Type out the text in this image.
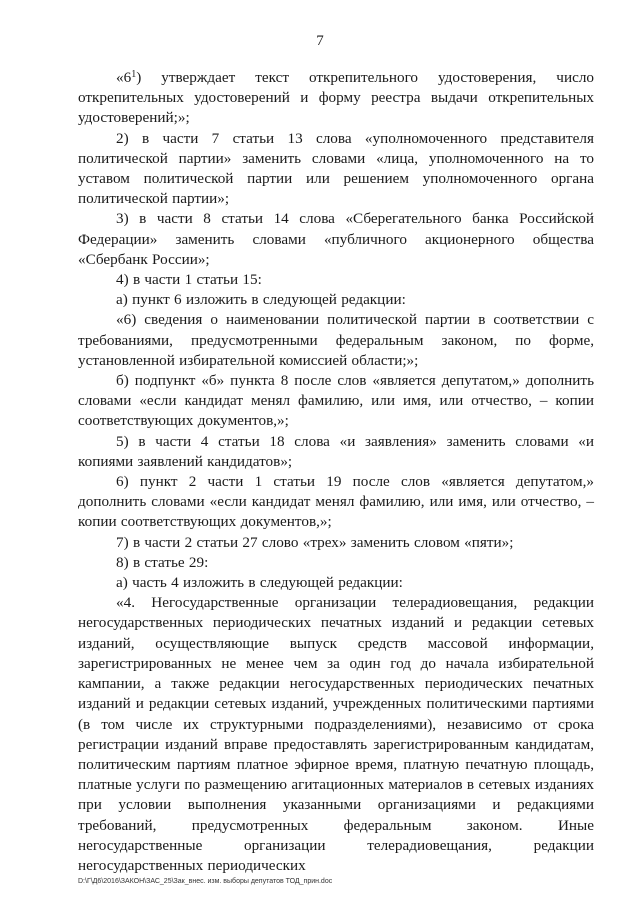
7

«$6^1$) утверждает текст открепительного удостоверения, число открепительных удостоверений и форму реестра выдачи открепительных удостоверений;»;

2) в части 7 статьи 13 слова «уполномоченного представителя политической партии» заменить словами «лица, уполномоченного на то уставом политической партии или решением уполномоченного органа политической партии»;

3) в части 8 статьи 14 слова «Сберегательного банка Российской Федерации» заменить словами «публичного акционерного общества «Сбербанк России»;

4) в части 1 статьи 15:

а) пункт 6 изложить в следующей редакции:

«6) сведения о наименовании политической партии в соответствии с требованиями, предусмотренными федеральным законом, по форме, установленной избирательной комиссией области;»;

б) подпункт «б» пункта 8 после слов «является депутатом,» дополнить словами «если кандидат менял фамилию, или имя, или отчество, – копии соответствующих документов,»;

5) в части 4 статьи 18 слова «и заявления» заменить словами «и копиями заявлений кандидатов»;

6) пункт 2 части 1 статьи 19 после слов «является депутатом,» дополнить словами «если кандидат менял фамилию, или имя, или отчество, – копии соответствующих документов,»;

7) в части 2 статьи 27 слово «трех» заменить словом «пяти»;

8) в статье 29:

а) часть 4 изложить в следующей редакции:

«4. Негосударственные организации телерадиовещания, редакции негосударственных периодических печатных изданий и редакции сетевых изданий, осуществляющие выпуск средств массовой информации, зарегистрированных не менее чем за один год до начала избирательной кампании, а также редакции негосударственных периодических печатных изданий и редакции сетевых изданий, учрежденных политическими партиями (в том числе их структурными подразделениями), независимо от срока регистрации изданий вправе предоставлять зарегистрированным кандидатам, политическим партиям платное эфирное время, платную печатную площадь, платные услуги по размещению агитационных материалов в сетевых изданиях при условии выполнения указанными организациями и редакциями требований, предусмотренных федеральным законом. Иные негосударственные организации телерадиовещания, редакции негосударственных периодических

D:\Г\Д6\2016\ЗАКОН\ЗАС_25\Зак_внес. изм. выборы депутатов ТОД_прин.doc
